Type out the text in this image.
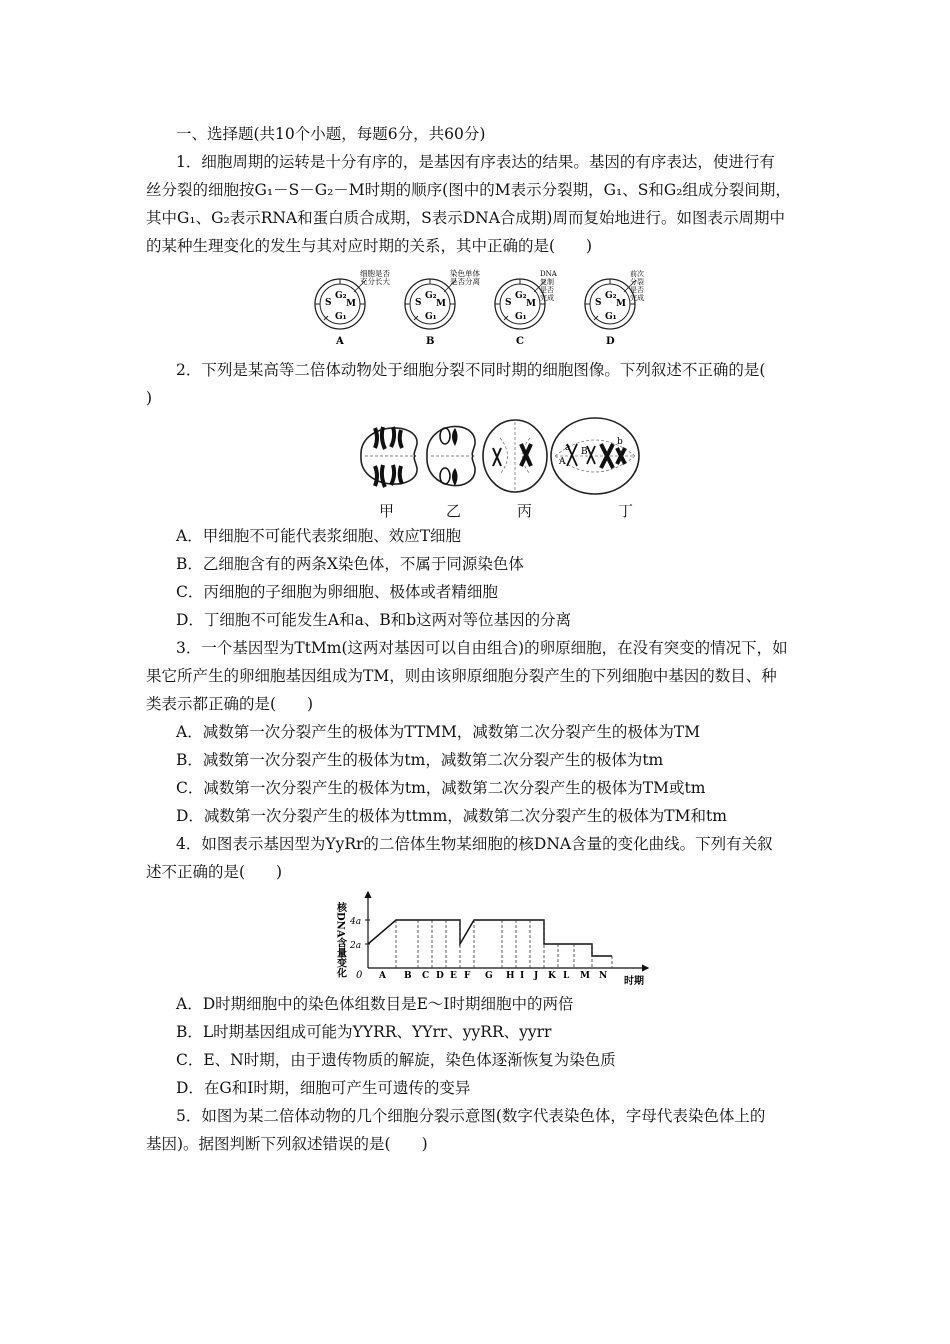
一、选择题(共10个小题，每题6分，共60分)
1．细胞周期的运转是十分有序的，是基因有序表达的结果。基因的有序表达，使进行有
丝分裂的细胞按G₁－S－G₂－M时期的顺序(图中的M表示分裂期，G₁、S和G₂组成分裂间期，
其中G₁、G₂表示RNA和蛋白质合成期，S表示DNA合成期)周而复始地进行。如图表示周期中
的某种生理变化的发生与其对应时期的关系，其中正确的是(　　)
S
G₂
M
G₁
A
细胞是否
充分长大
S
G₂
M
G₁
B
染色单体
是否分离
S
G₂
M
G₁
C
DNA
复制
是否
完成	S
G₂
M
G₁
D
前次
分裂
是否
完成
2．下列是某高等二倍体动物处于细胞分裂不同时期的细胞图像。下列叙述不正确的是(
)
A
a B
b
甲	乙	丙	丁
A．甲细胞不可能代表浆细胞、效应T细胞
B．乙细胞含有的两条X染色体，不属于同源染色体
C．丙细胞的子细胞为卵细胞、极体或者精细胞
D．丁细胞不可能发生A和a、B和b这两对等位基因的分离
3．一个基因型为TtMm(这两对基因可以自由组合)的卵原细胞，在没有突变的情况下，如
果它所产生的卵细胞基因组成为TM，则由该卵原细胞分裂产生的下列细胞中基因的数目、种
类表示都正确的是(　　)
A．减数第一次分裂产生的极体为TTMM，减数第二次分裂产生的极体为TM
B．减数第一次分裂产生的极体为tm，减数第二次分裂产生的极体为tm
C．减数第一次分裂产生的极体为tm，减数第二次分裂产生的极体为TM或tm
D．减数第一次分裂产生的极体为ttmm，减数第二次分裂产生的极体为TM和tm
4．如图表示基因型为YyRr的二倍体生物某细胞的核DNA含量的变化曲线。下列有关叙
述不正确的是(　　)
核DNA含量变化 0
时期
4a
2a
A B C D E F G H I J K L M N
A．D时期细胞中的染色体组数目是E～I时期细胞中的两倍
B．L时期基因组成可能为YYRR、YYrr、yyRR、yyrr
C．E、N时期，由于遗传物质的解旋，染色体逐渐恢复为染色质
D．在G和I时期，细胞可产生可遗传的变异
5．如图为某二倍体动物的几个细胞分裂示意图(数字代表染色体，字母代表染色体上的
基因)。据图判断下列叙述错误的是(　　)
